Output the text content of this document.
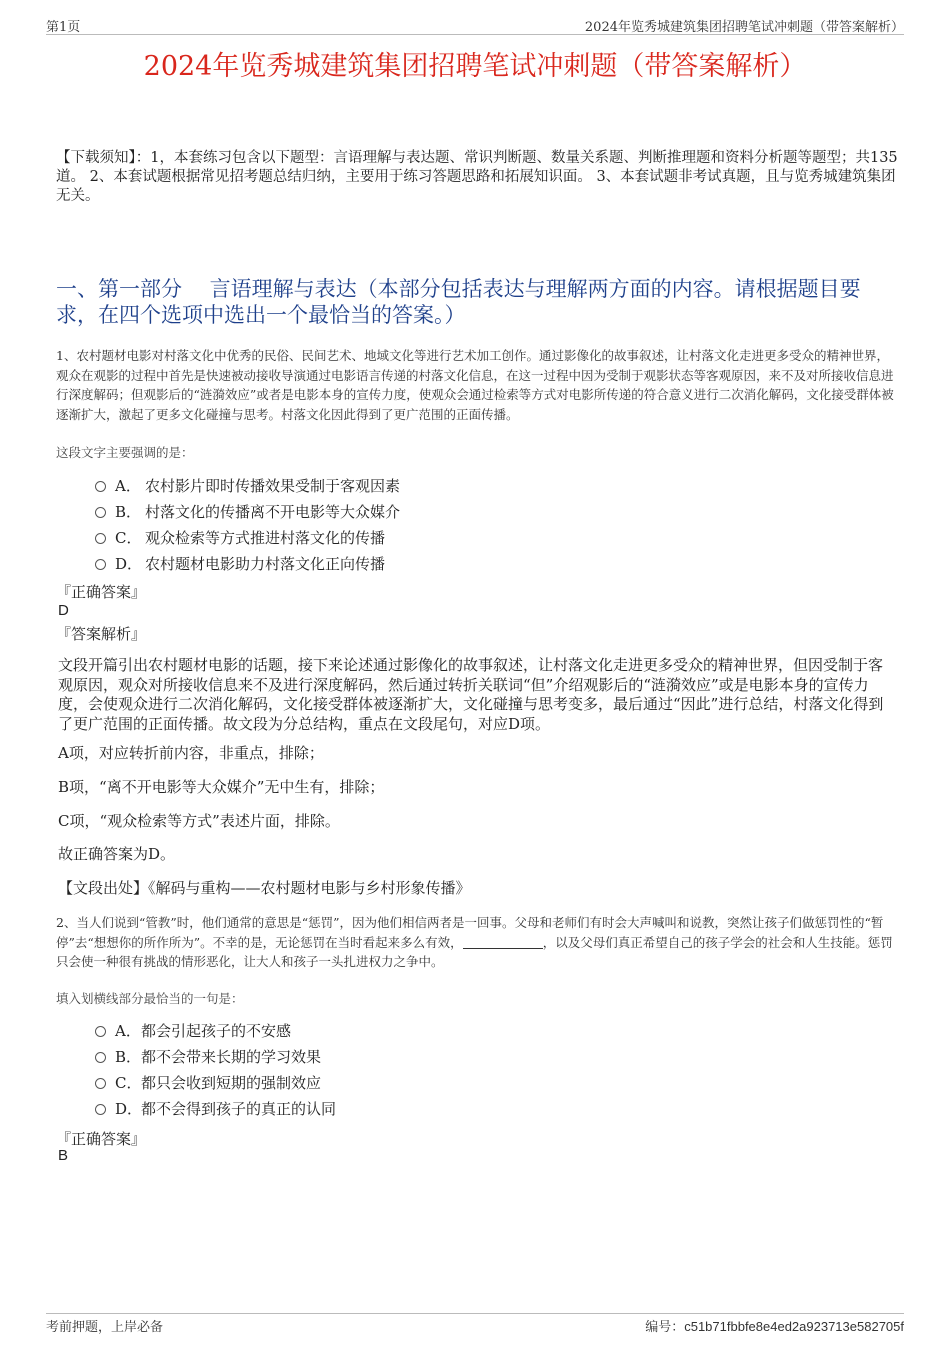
第1页	2024年览秀城建筑集团招聘笔试冲刺题（带答案解析）
2024年览秀城建筑集团招聘笔试冲刺题（带答案解析）
【下载须知】：1，本套练习包含以下题型：言语理解与表达题、常识判断题、数量关系题、判断推理题和资料分析题等题型；共135道。 2、本套试题根据常见招考题总结归纳，主要用于练习答题思路和拓展知识面。 3、本套试题非考试真题，且与览秀城建筑集团无关。
一、第一部分　 言语理解与表达（本部分包括表达与理解两方面的内容。请根据题目要求，在四个选项中选出一个最恰当的答案。）
1、农村题材电影对村落文化中优秀的民俗、民间艺术、地域文化等进行艺术加工创作。通过影像化的故事叙述，让村落文化走进更多受众的精神世界，观众在观影的过程中首先是快速被动接收导演通过电影语言传递的村落文化信息，在这一过程中因为受制于观影状态等客观原因，来不及对所接收信息进行深度解码；但观影后的“涟漪效应”或者是电影本身的宣传力度，使观众会通过检索等方式对电影所传递的符合意义进行二次消化解码，文化接受群体被逐渐扩大，激起了更多文化碰撞与思考。村落文化因此得到了更广范围的正面传播。
这段文字主要强调的是：
A． 农村影片即时传播效果受制于客观因素
B． 村落文化的传播离不开电影等大众媒介
C． 观众检索等方式推进村落文化的传播
D． 农村题材电影助力村落文化正向传播
『正确答案』
D
『答案解析』
文段开篇引出农村题材电影的话题，接下来论述通过影像化的故事叙述，让村落文化走进更多受众的精神世界，但因受制于客观原因，观众对所接收信息来不及进行深度解码，然后通过转折关联词“但”介绍观影后的“涟漪效应”或是电影本身的宣传力度，会使观众进行二次消化解码，文化接受群体被逐渐扩大，文化碰撞与思考变多，最后通过“因此”进行总结，村落文化得到了更广范围的正面传播。故文段为分总结构，重点在文段尾句，对应D项。
A项，对应转折前内容，非重点，排除；
B项，“离不开电影等大众媒介”无中生有，排除；
C项，“观众检索等方式”表述片面，排除。
故正确答案为D。
【文段出处】《解码与重构——农村题材电影与乡村形象传播》
2、当人们说到“管教”时，他们通常的意思是“惩罚”，因为他们相信两者是一回事。父母和老师们有时会大声喊叫和说教，突然让孩子们做惩罚性的“暂停”去“想想你的所作所为”。不幸的是，无论惩罚在当时看起来多么有效，	，以及父母们真正希望自己的孩子学会的社会和人生技能。惩罚只会使一种很有挑战的情形恶化，让大人和孩子一头扎进权力之争中。
填入划横线部分最恰当的一句是：
A．都会引起孩子的不安感
B．都不会带来长期的学习效果
C．都只会收到短期的强制效应
D．都不会得到孩子的真正的认同
『正确答案』
B
考前押题，上岸必备	编号：c51b71fbbfe8e4ed2a923713e582705f
